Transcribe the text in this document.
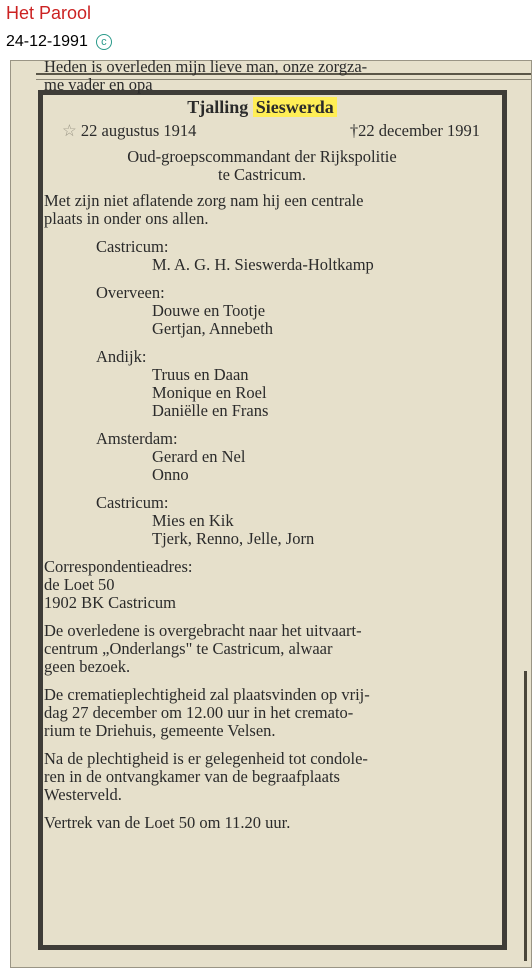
Het Parool
24-12-1991	c

Heden is overleden mijn lieve man, onze zorgza-

me vader en opa

Tjalling Sieswerda

☆ 22 augustus 1914	†22 december 1991

Oud-groepscommandant der Rijkspolitie

te Castricum.

Met zijn niet aflatende zorg nam hij een centrale

plaats in onder ons allen.

Castricum:
M. A. G. H. Sieswerda-Holtkamp
Overveen:
Douwe en Tootje
Gertjan, Annebeth
Andijk:
Truus en Daan
Monique en Roel
Daniëlle en Frans
Amsterdam:
Gerard en Nel
Onno
Castricum:
Mies en Kik
Tjerk, Renno, Jelle, Jorn

Correspondentieadres:

de Loet 50

1902 BK Castricum

De overledene is overgebracht naar het uitvaart-

centrum „Onderlangs" te Castricum, alwaar

geen bezoek.

De crematieplechtigheid zal plaatsvinden op vrij-

dag 27 december om 12.00 uur in het cremato-

rium te Driehuis, gemeente Velsen.

Na de plechtigheid is er gelegenheid tot condole-

ren in de ontvangkamer van de begraafplaats

Westerveld.

Vertrek van de Loet 50 om 11.20 uur.
